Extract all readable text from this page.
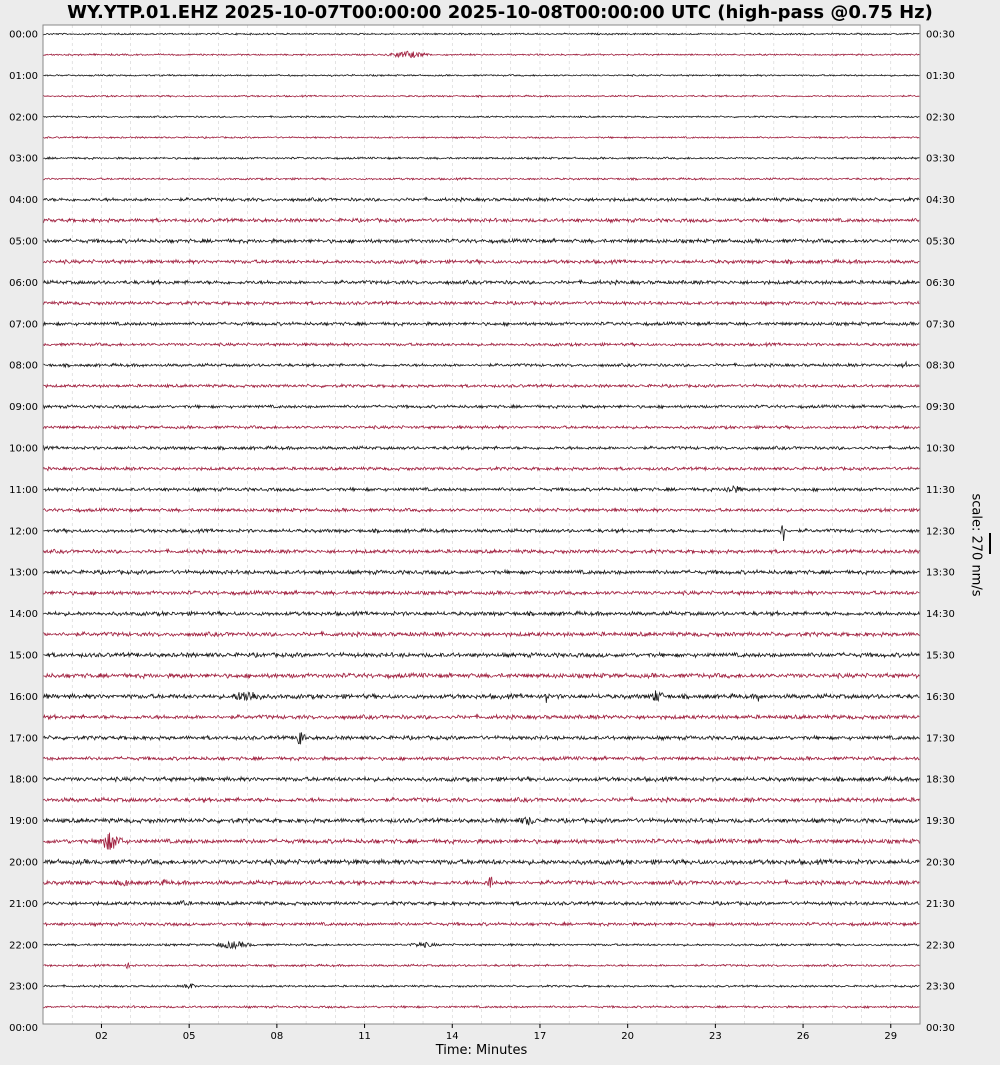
WY.YTP.01.EHZ 2025-10-07T00:00:00 2025-10-08T00:00:00 UTC (high-pass @0.75 Hz)
00:00
01:00
02:00
03:00
04:00
05:00
06:00
07:00
08:00
09:00
10:00
11:00
12:00
13:00
14:00
15:00
16:00
17:00
18:00
19:00
20:00
21:00
22:00
23:00
00:00
00:30
01:30
02:30
03:30
04:30
05:30
06:30
07:30
08:30
09:30
10:30
11:30
12:30
13:30
14:30
15:30
16:30
17:30
18:30
19:30
20:30
21:30
22:30
23:30
00:30
02	05	08	11	14	17	20	23	26	29
Time: Minutes
scale: 270 nm/s
